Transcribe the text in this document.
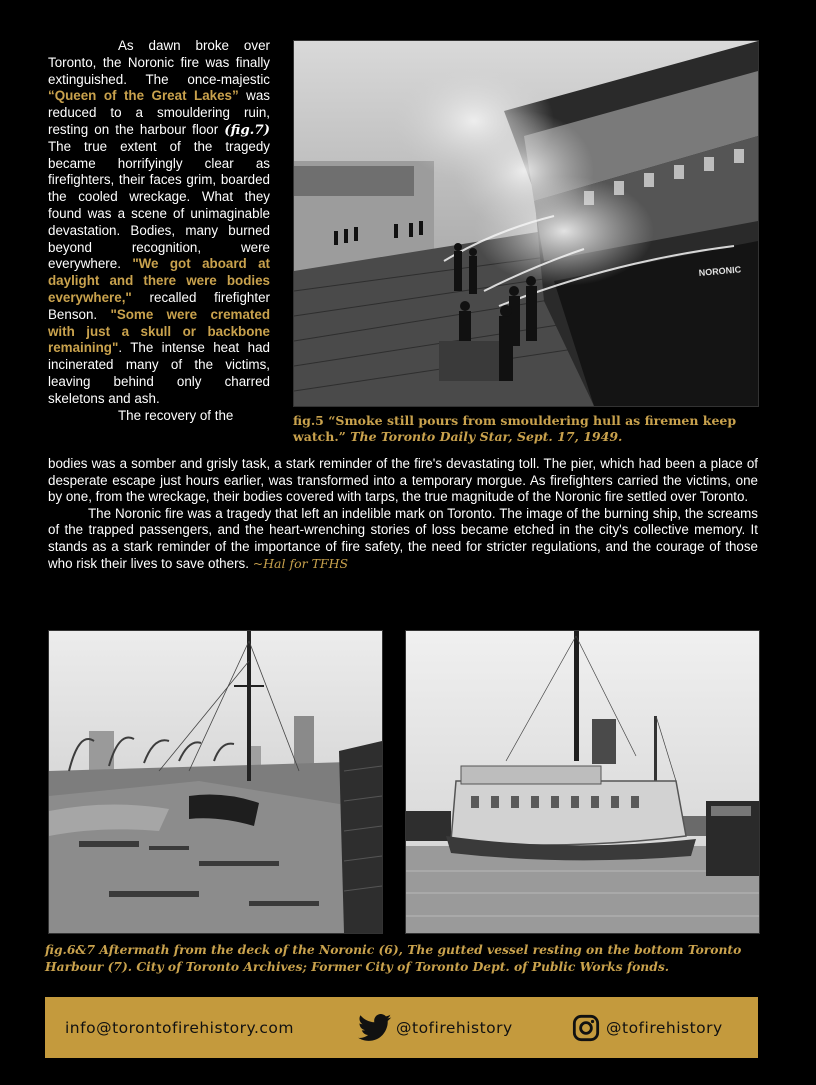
As dawn broke over Toronto, the Noronic fire was finally extinguished. The once-majestic “Queen of the Great Lakes” was reduced to a smouldering ruin, resting on the harbour floor (fig.7) The true extent of the tragedy became horrifyingly clear as firefighters, their faces grim, boarded the cooled wreckage. What they found was a scene of unimaginable devastation. Bodies, many burned beyond recognition, were everywhere. "We got aboard at daylight and there were bodies everywhere," recalled firefighter Benson. "Some were cremated with just a skull or backbone remaining". The intense heat had incinerated many of the victims, leaving behind only charred skeletons and ash.

The recovery of the

NORONIC
fig.5 “Smoke still pours from smouldering hull as firemen keep watch.” The Toronto Daily Star, Sept. 17, 1949.

bodies was a somber and grisly task, a stark reminder of the fire's devastating toll. The pier, which had been a place of desperate escape just hours earlier, was transformed into a temporary morgue. As firefighters carried the victims, one by one, from the wreckage, their bodies covered with tarps, the true magnitude of the Noronic fire settled over Toronto.

The Noronic fire was a tragedy that left an indelible mark on Toronto. The image of the burning ship, the screams of the trapped passengers, and the heart-wrenching stories of loss became etched in the city's collective memory. It stands as a stark reminder of the importance of fire safety, the need for stricter regulations, and the courage of those who risk their lives to save others. ~Hal for TFHS

fig.6&7 Aftermath from the deck of the Noronic (6), The gutted vessel resting on the bottom Toronto Harbour (7). City of Toronto Archives; Former City of Toronto Dept. of Public Works fonds.
info@torontofirehistory.com	@tofirehistory	@tofirehistory
